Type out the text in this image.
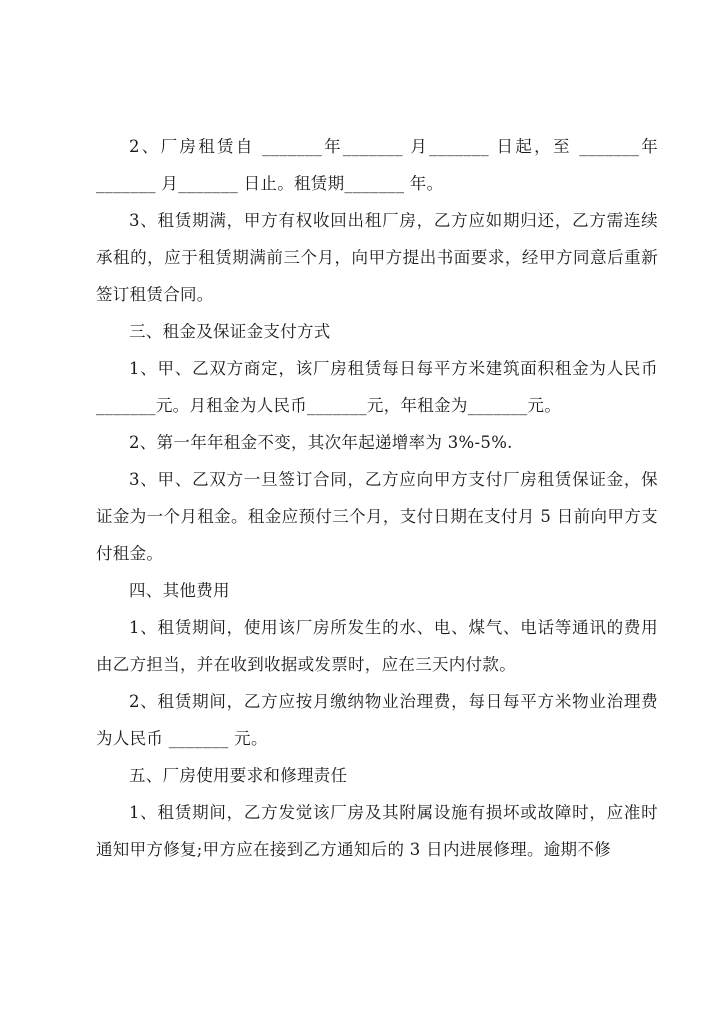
2、厂房租赁自 _______年_______ 月_______ 日起，至 _______年_______ 月_______ 日止。租赁期_______ 年。

3、租赁期满，甲方有权收回出租厂房，乙方应如期归还，乙方需连续承租的，应于租赁期满前三个月，向甲方提出书面要求，经甲方同意后重新签订租赁合同。

三、租金及保证金支付方式

1、甲、乙双方商定，该厂房租赁每日每平方米建筑面积租金为人民币 _______元。月租金为人民币_______元，年租金为_______元。

2、第一年年租金不变，其次年起递增率为 3%-5%.

3、甲、乙双方一旦签订合同，乙方应向甲方支付厂房租赁保证金，保证金为一个月租金。租金应预付三个月，支付日期在支付月 5 日前向甲方支付租金。

四、其他费用

1、租赁期间，使用该厂房所发生的水、电、煤气、电话等通讯的费用由乙方担当，并在收到收据或发票时，应在三天内付款。

2、租赁期间，乙方应按月缴纳物业治理费，每日每平方米物业治理费为人民币 _______ 元。

五、厂房使用要求和修理责任

1、租赁期间，乙方发觉该厂房及其附属设施有损坏或故障时，应准时通知甲方修复;甲方应在接到乙方通知后的 3 日内进展修理。逾期不修
